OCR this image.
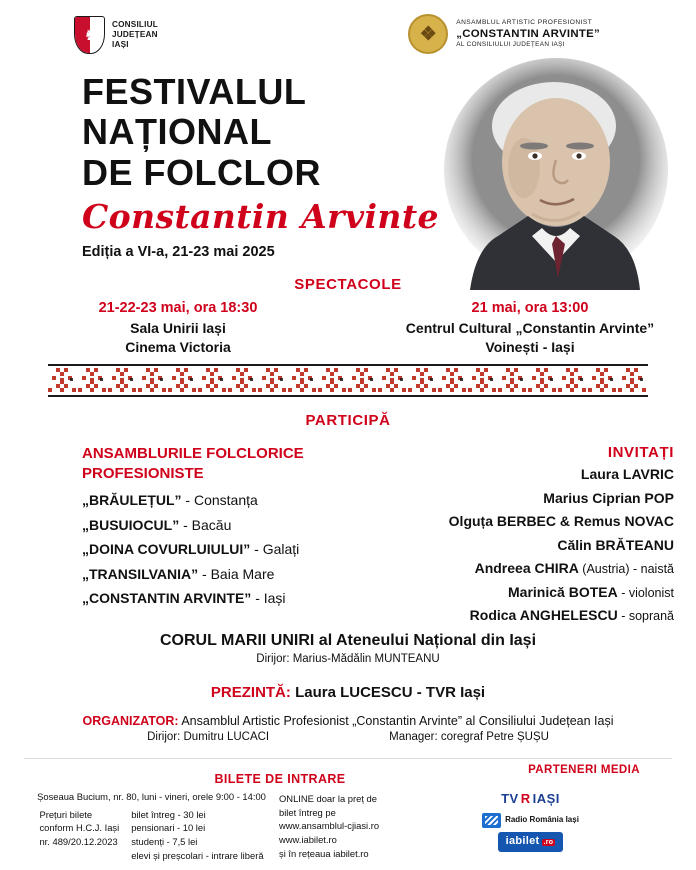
♞
CONSILIUL
JUDEȚEAN
IAȘI
❖
ANSAMBLUL ARTISTIC PROFESIONIST
„CONSTANTIN ARVINTE”
AL CONSILIULUI JUDEȚEAN IAȘI
FESTIVALUL
NAȚIONAL
DE FOLCLOR
Constantin Arvinte
Ediția a VI-a, 21-23 mai 2025
SPECTACOLE
21-22-23 mai, ora 18:30
Sala Unirii Iași
Cinema Victoria
21 mai, ora 13:00
Centrul Cultural „Constantin Arvinte”
Voinești - Iași
PARTICIPĂ
ANSAMBLURILE FOLCLORICE
PROFESIONISTE
„BRĂULEȚUL” - Constanța
„BUSUIOCUL” - Bacău
„DOINA COVURLUIULUI” - Galați
„TRANSILVANIA” - Baia Mare
„CONSTANTIN ARVINTE” - Iași
INVITAȚI
Laura LAVRIC
Marius Ciprian POP
Olguța BERBEC & Remus NOVAC
Călin BRĂTEANU
Andreea CHIRA (Austria) - naistă
Marinică BOTEA - violonist
Rodica ANGHELESCU - soprană
CORUL MARII UNIRI al Ateneului Național din Iași
Dirijor: Marius-Mădălin MUNTEANU
PREZINTĂ: Laura LUCESCU - TVR Iași
ORGANIZATOR: Ansamblul Artistic Profesionist „Constantin Arvinte” al Consiliului Județean Iași
Dirijor: Dumitru LUCACI	Manager: coregraf Petre ȘUȘU
BILETE DE INTRARE
PARTENERI MEDIA
Șoseaua Bucium, nr. 80, luni - vineri, orele 9:00 - 14:00
Prețuri bilete
conform H.C.J. Iași
nr. 489/20.12.2023
bilet întreg - 30 lei
pensionari - 10 lei
studenți - 7,5 lei
elevi și preșcolari - intrare liberă
ONLINE doar la preț de
bilet întreg pe
www.ansamblul-cjiasi.ro
www.iabilet.ro
și în rețeaua iabilet.ro
TV R IAȘI
Radio România Iași
iabilet .ro
